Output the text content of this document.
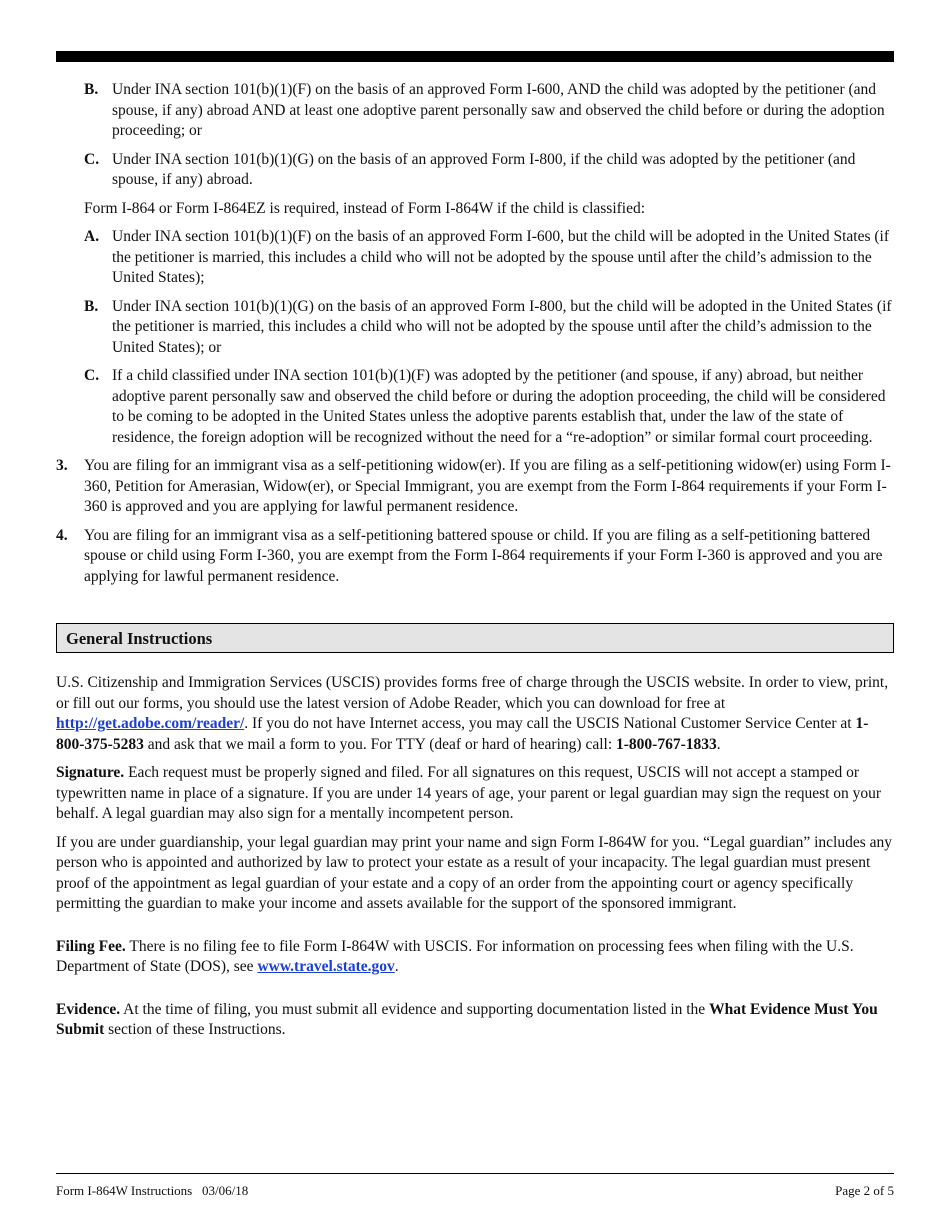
B. Under INA section 101(b)(1)(F) on the basis of an approved Form I-600, AND the child was adopted by the petitioner (and spouse, if any) abroad AND at least one adoptive parent personally saw and observed the child before or during the adoption proceeding; or
C. Under INA section 101(b)(1)(G) on the basis of an approved Form I-800, if the child was adopted by the petitioner (and spouse, if any) abroad.
Form I-864 or Form I-864EZ is required, instead of Form I-864W if the child is classified:
A. Under INA section 101(b)(1)(F) on the basis of an approved Form I-600, but the child will be adopted in the United States (if the petitioner is married, this includes a child who will not be adopted by the spouse until after the child’s admission to the United States);
B. Under INA section 101(b)(1)(G) on the basis of an approved Form I-800, but the child will be adopted in the United States (if the petitioner is married, this includes a child who will not be adopted by the spouse until after the child’s admission to the United States); or
C. If a child classified under INA section 101(b)(1)(F) was adopted by the petitioner (and spouse, if any) abroad, but neither adoptive parent personally saw and observed the child before or during the adoption proceeding, the child will be considered to be coming to be adopted in the United States unless the adoptive parents establish that, under the law of the state of residence, the foreign adoption will be recognized without the need for a “re-adoption” or similar formal court proceeding.
3. You are filing for an immigrant visa as a self-petitioning widow(er). If you are filing as a self-petitioning widow(er) using Form I-360, Petition for Amerasian, Widow(er), or Special Immigrant, you are exempt from the Form I-864 requirements if your Form I-360 is approved and you are applying for lawful permanent residence.
4. You are filing for an immigrant visa as a self-petitioning battered spouse or child. If you are filing as a self-petitioning battered spouse or child using Form I-360, you are exempt from the Form I-864 requirements if your Form I-360 is approved and you are applying for lawful permanent residence.
General Instructions

U.S. Citizenship and Immigration Services (USCIS) provides forms free of charge through the USCIS website. In order to view, print, or fill out our forms, you should use the latest version of Adobe Reader, which you can download for free at http://get.adobe.com/reader/. If you do not have Internet access, you may call the USCIS National Customer Service Center at 1-800-375-5283 and ask that we mail a form to you. For TTY (deaf or hard of hearing) call: 1-800-767-1833.

Signature. Each request must be properly signed and filed. For all signatures on this request, USCIS will not accept a stamped or typewritten name in place of a signature. If you are under 14 years of age, your parent or legal guardian may sign the request on your behalf. A legal guardian may also sign for a mentally incompetent person.

If you are under guardianship, your legal guardian may print your name and sign Form I-864W for you. “Legal guardian” includes any person who is appointed and authorized by law to protect your estate as a result of your incapacity. The legal guardian must present proof of the appointment as legal guardian of your estate and a copy of an order from the appointing court or agency specifically permitting the guardian to make your income and assets available for the support of the sponsored immigrant.

Filing Fee. There is no filing fee to file Form I-864W with USCIS. For information on processing fees when filing with the U.S. Department of State (DOS), see www.travel.state.gov.

Evidence. At the time of filing, you must submit all evidence and supporting documentation listed in the What Evidence Must You Submit section of these Instructions.

Form I-864W Instructions   03/06/18	Page 2 of 5
